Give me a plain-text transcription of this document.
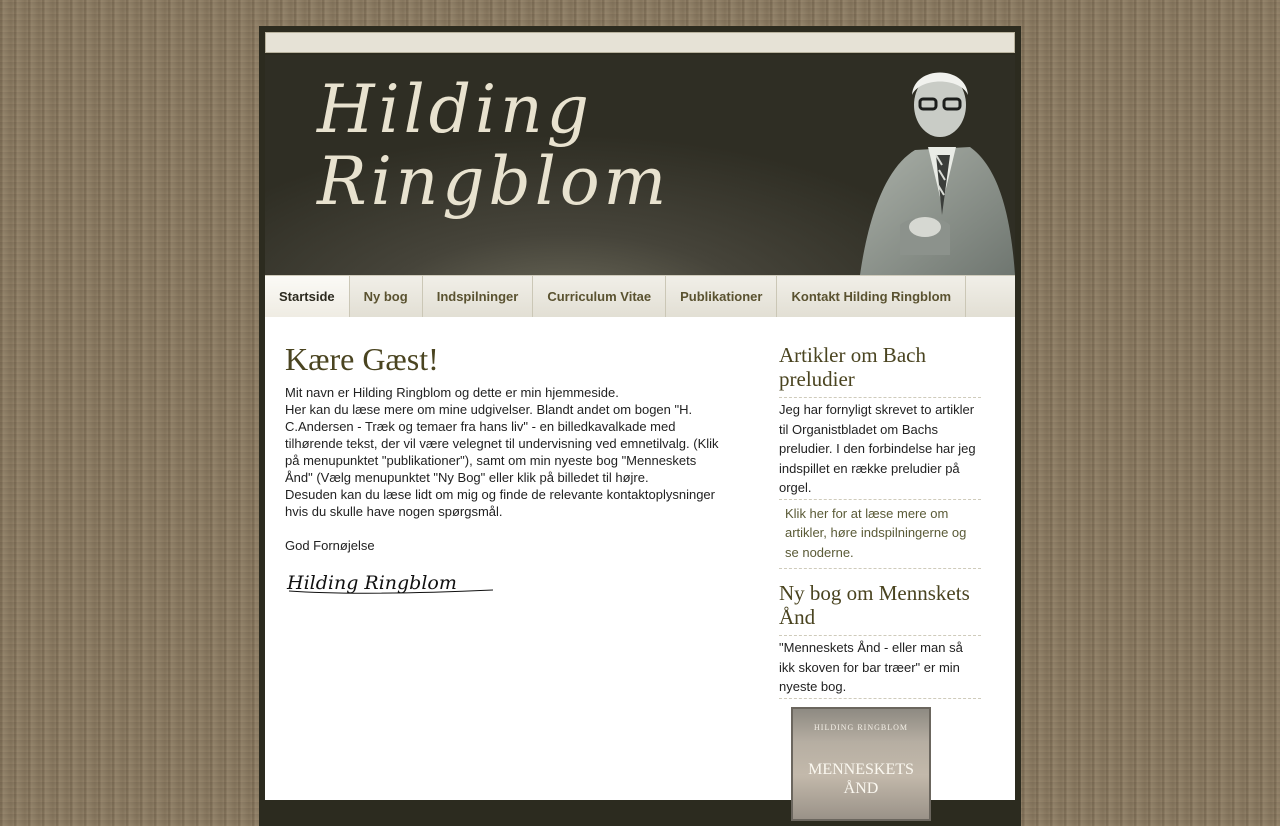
Hilding
Ringblom
Startside	Ny bog	Indspilninger	Curriculum Vitae	Publikationer	Kontakt Hilding Ringblom
Kære Gæst!

Mit navn er Hilding Ringblom og dette er min hjemmeside.

Her kan du læse mere om mine udgivelser. Blandt andet om bogen "H. C.Andersen - Træk og temaer fra hans liv" - en billedkavalkade med tilhørende tekst, der vil være velegnet til undervisning ved emnetilvalg. (Klik på menupunktet "publikationer"), samt om min nyeste bog "Menneskets Ånd" (Vælg menupunktet "Ny Bog" eller klik på billedet til højre.

Desuden kan du læse lidt om mig og finde de relevante kontaktoplysninger hvis du skulle have nogen spørgsmål.

God Fornøjelse

Hilding Ringblom
Artikler om Bach preludier
Jeg har fornyligt skrevet to artikler til Organistbladet om Bachs preludier. I den forbindelse har jeg indspillet en række preludier på orgel.
Klik her for at læse mere om artikler, høre indspilningerne og se noderne.
Ny bog om Mennskets Ånd
"Menneskets Ånd - eller man så ikk skoven for bar træer" er min nyeste bog.
HILDING RINGBLOM
MENNESKETS
ÅND
